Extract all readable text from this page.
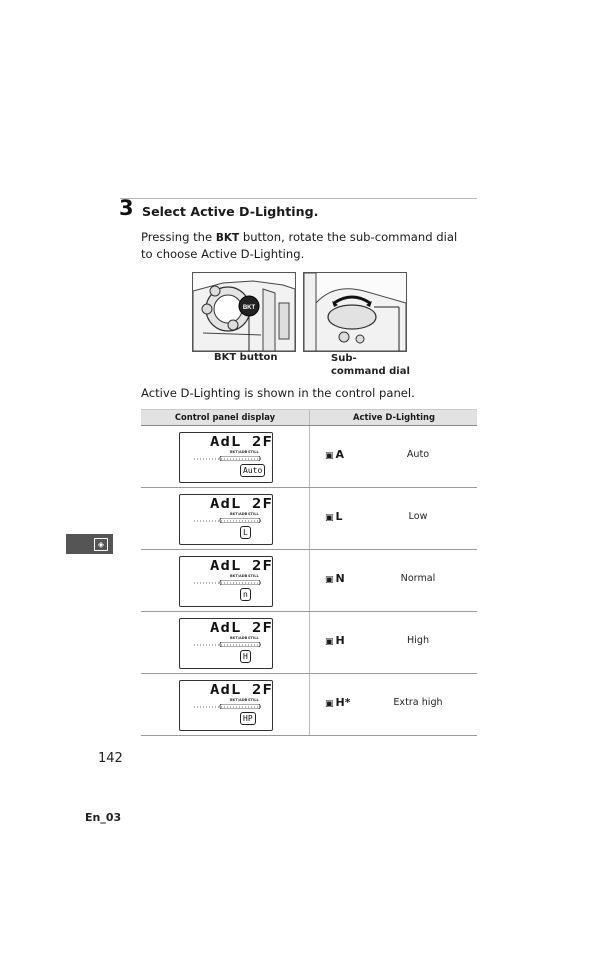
3 Select Active D-Lighting.
Pressing the BKT button, rotate the sub-command dial to choose Active D-Lighting.
BKT
BKT button	Sub-command dial
Active D-Lighting is shown in the control panel.
Control panel display	Active D-Lighting
AdL 2F
BKT/ADB STILL
Auto
▣ A	Auto
AdL 2F
BKT/ADB STILL
L
▣ L	Low
AdL 2F
BKT/ADB STILL
n
▣ N	Normal
AdL 2F
BKT/ADB STILL
H
▣ H	High
AdL 2F
BKT/ADB STILL
HP
▣ H*	Extra high
◈
142
En_03
